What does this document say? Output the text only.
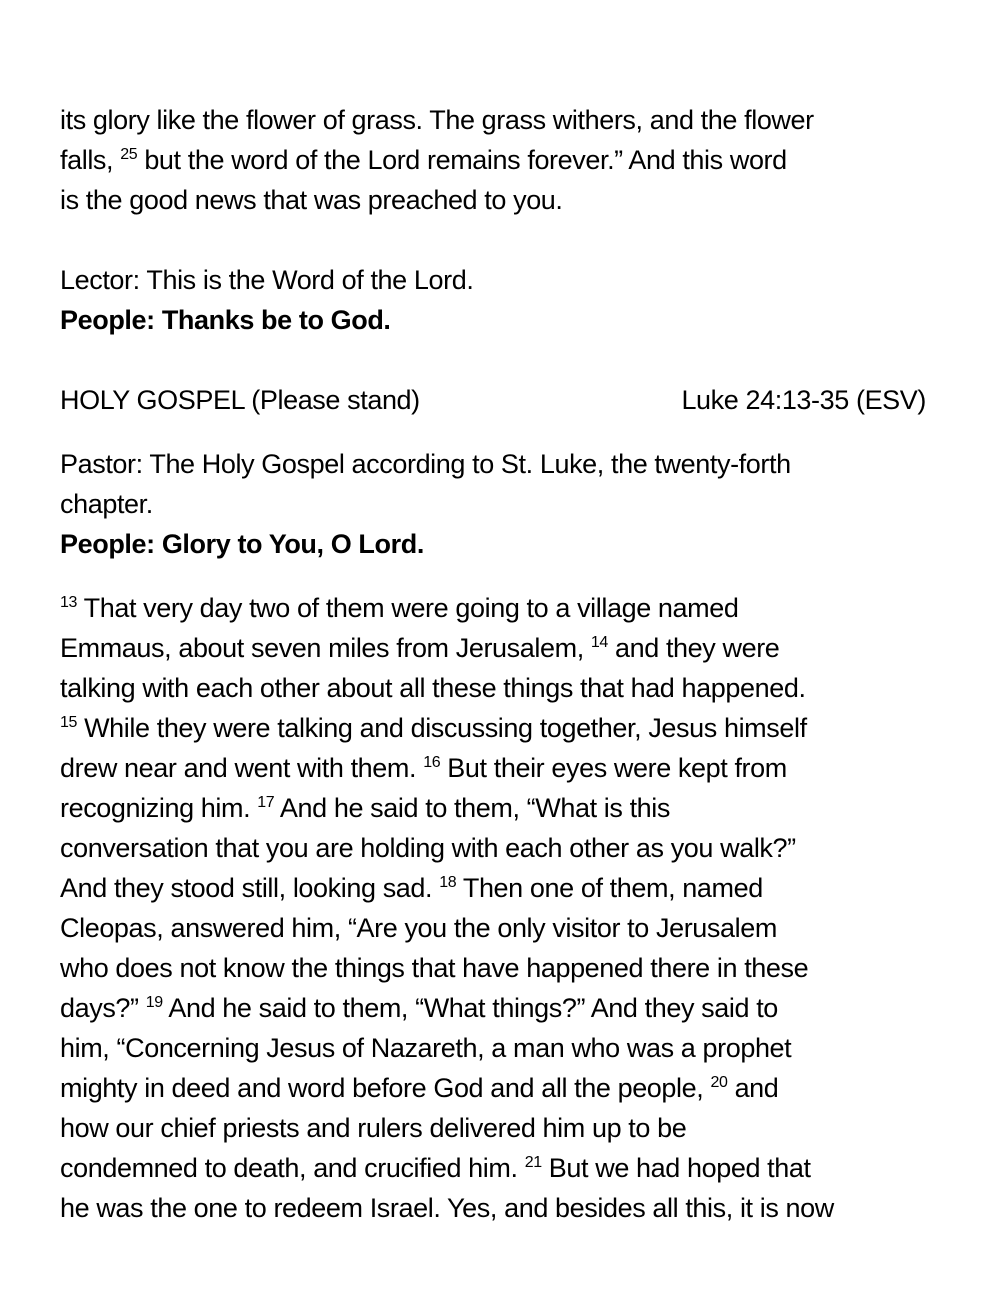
its glory like the flower of grass. The grass withers, and the flower
falls, $^{25}$ but the word of the Lord remains forever.” And this word
is the good news that was preached to you.
Lector: This is the Word of the Lord.
People: Thanks be to God.
HOLY GOSPEL (Please stand)	Luke 24:13-35 (ESV)
Pastor: The Holy Gospel according to St. Luke, the twenty-forth
chapter.
People: Glory to You, O Lord.
$^{13}$ That very day two of them were going to a village named
Emmaus, about seven miles from Jerusalem, $^{14}$ and they were
talking with each other about all these things that had happened.
$^{15}$ While they were talking and discussing together, Jesus himself
drew near and went with them. $^{16}$ But their eyes were kept from
recognizing him. $^{17}$ And he said to them, “What is this
conversation that you are holding with each other as you walk?”
And they stood still, looking sad. $^{18}$ Then one of them, named
Cleopas, answered him, “Are you the only visitor to Jerusalem
who does not know the things that have happened there in these
days?” $^{19}$ And he said to them, “What things?” And they said to
him, “Concerning Jesus of Nazareth, a man who was a prophet
mighty in deed and word before God and all the people, $^{20}$ and
how our chief priests and rulers delivered him up to be
condemned to death, and crucified him. $^{21}$ But we had hoped that
he was the one to redeem Israel. Yes, and besides all this, it is now
